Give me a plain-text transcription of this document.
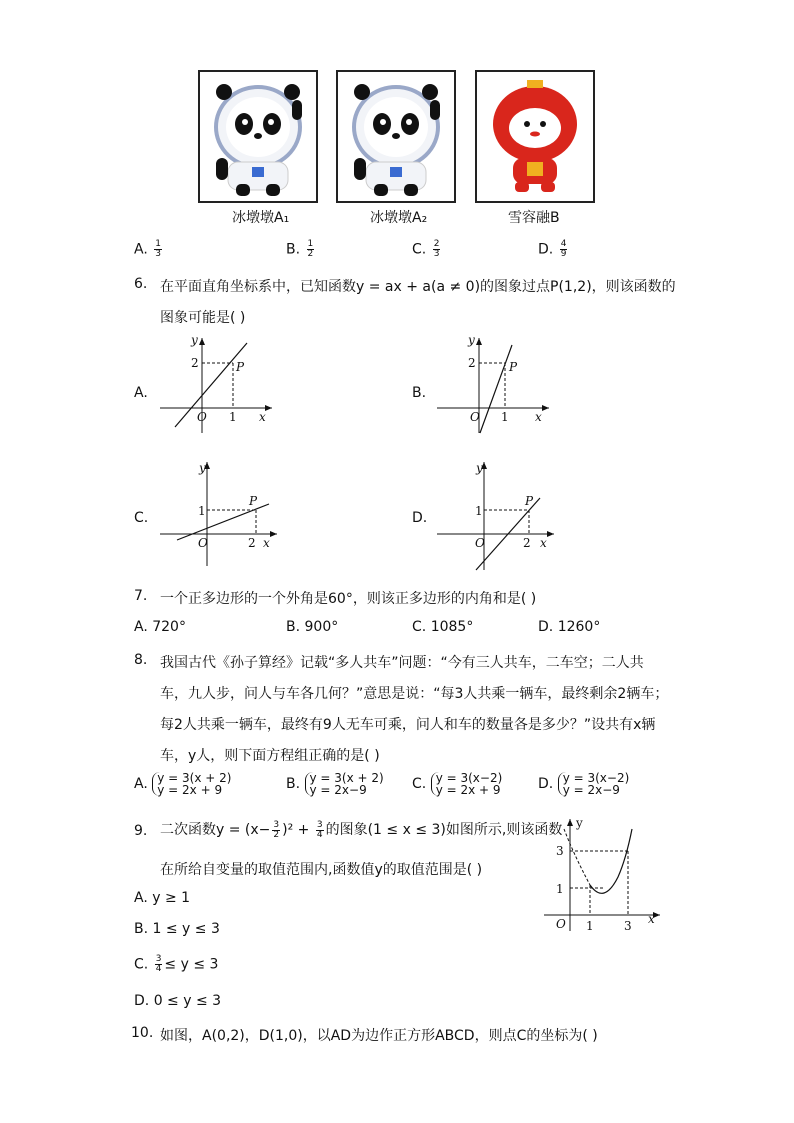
冰墩墩A₁	冰墩墩A₂	雪容融B
A. $\frac{1}{3}$	B. $\frac{1}{2}$	C. $\frac{2}{3}$	D. $\frac{4}{9}$
6. 在平面直角坐标系中，已知函数y = ax + a(a ≠ 0)的图象过点P(1,2)，则该函数的
图象可能是( )
A.	B.
C.	D.
y
2	P
O 1 x
y
2	P
O 1 x
y
1
P
O	2 x
y
1
P
O	2 x
7. 一个正多边形的一个外角是60°，则该正多边形的内角和是( )
A. 720°	B. 900°	C. 1085°	D. 1260°
8. 我国古代《孙子算经》记载“多人共车”问题：“今有三人共车，二车空；二人共
车，九人步，问人与车各几何？”意思是说：“每3人共乘一辆车，最终剩余2辆车；
每2人共乘一辆车，最终有9人无车可乘，问人和车的数量各是多少？”设共有x辆
车，y人，则下面方程组正确的是( )
A. y = 3(x + 2)
y = 2x + 9	B. y = 3(x + 2)
y = 2x−9	C. y = 3(x−2)
y = 2x + 9	D. y = 3(x−2)
y = 2x−9
9. 二次函数$y = (x- \frac{3}{2} )^2 + \frac{3}{4}$ 的图象(1 ≤ x ≤ 3)如图所示,则该函数
在所给自变量的取值范围内,函数值y的取值范围是( )
A. y ≥ 1
B. 1 ≤ y ≤ 3
C. $\frac{3}{4} \le y \le 3$
D. 0 ≤ y ≤ 3
y
3
1
O 1	3 x
10. 如图，A(0,2)，D(1,0)，以AD为边作正方形ABCD，则点C的坐标为( )
